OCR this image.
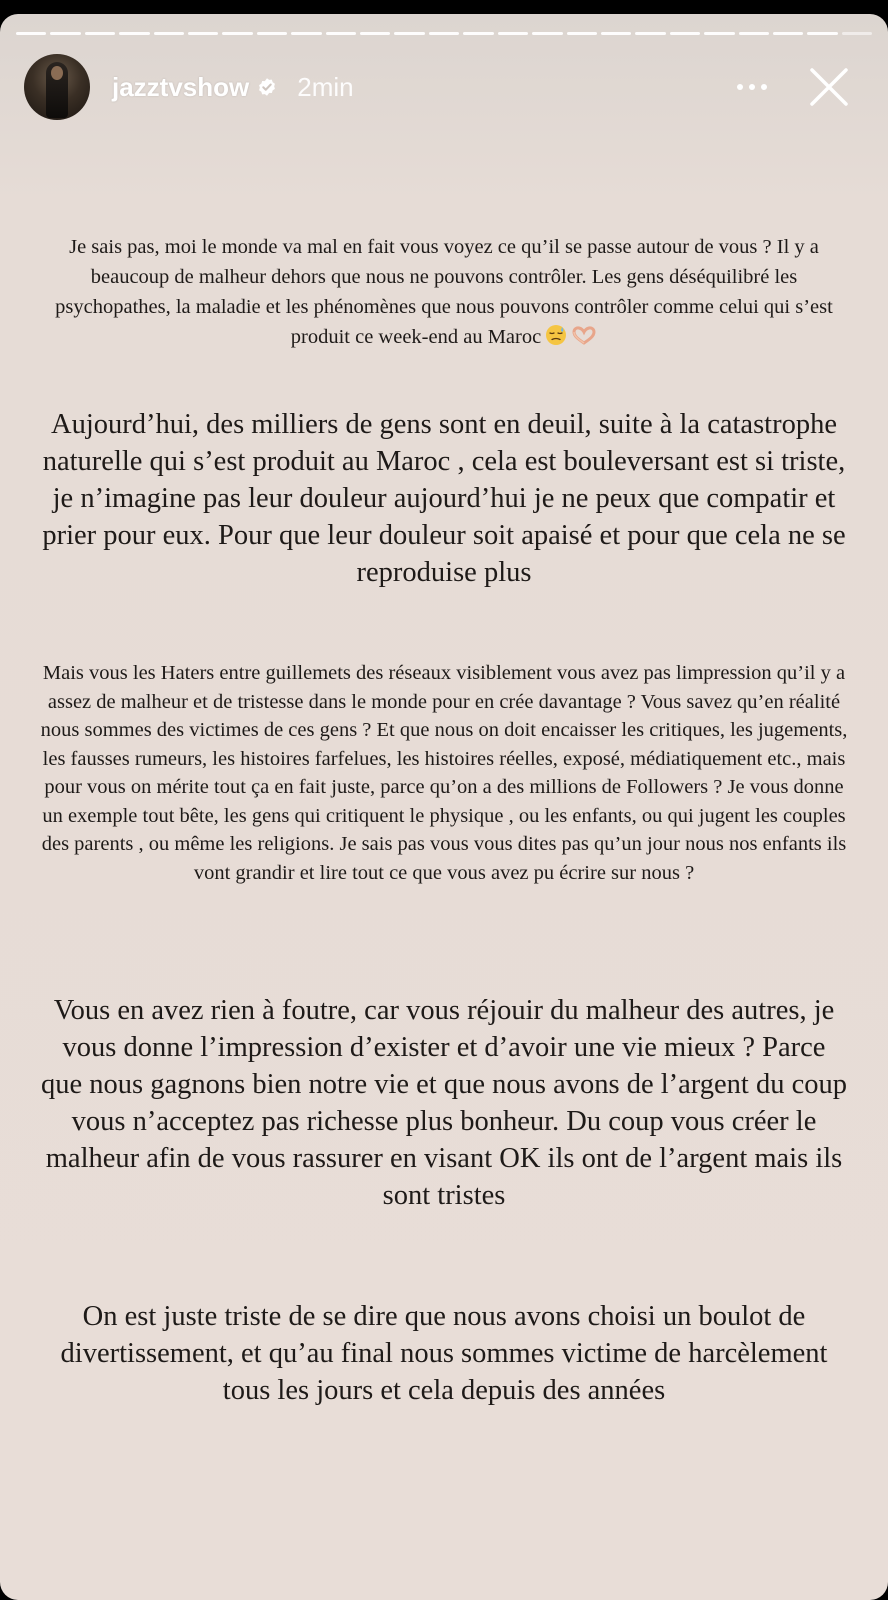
jazztvshow 2min
Je sais pas, moi le monde va mal en fait vous voyez ce qu’il se passe autour de vous ? Il y a beaucoup de malheur dehors que nous ne pouvons contrôler. Les gens déséquilibré les psychopathes, la maladie et les phénomènes que nous pouvons contrôler comme celui qui s’est produit ce week-end au Maroc
Aujourd’hui, des milliers de gens sont en deuil, suite à la catastrophe naturelle qui s’est produit au Maroc , cela est bouleversant est si triste, je n’imagine pas leur douleur aujourd’hui je ne peux que compatir et prier pour eux. Pour que leur douleur soit apaisé et pour que cela ne se reproduise plus
Mais vous les Haters entre guillemets des réseaux visiblement vous avez pas limpression qu’il y a assez de malheur et de tristesse dans le monde pour en crée davantage ? Vous savez qu’en réalité nous sommes des victimes de ces gens ? Et que nous on doit encaisser les critiques, les jugements, les fausses rumeurs, les histoires farfelues, les histoires réelles, exposé, médiatiquement etc., mais pour vous on mérite tout ça en fait juste, parce qu’on a des millions de Followers ? Je vous donne un exemple tout bête, les gens qui critiquent le physique , ou les enfants, ou qui jugent les couples des parents , ou même les religions. Je sais pas vous vous dites pas qu’un jour nous nos enfants ils vont grandir et lire tout ce que vous avez pu écrire sur nous ?
Vous en avez rien à foutre, car vous réjouir du malheur des autres, je vous donne l’impression d’exister et d’avoir une vie mieux ? Parce que nous gagnons bien notre vie et que nous avons de l’argent du coup vous n’acceptez pas richesse plus bonheur. Du coup vous créer le malheur afin de vous rassurer en visant OK ils ont de l’argent mais ils sont tristes
On est juste triste de se dire que nous avons choisi un boulot de divertissement, et qu’au final nous sommes victime de harcèlement tous les jours et cela depuis des années
